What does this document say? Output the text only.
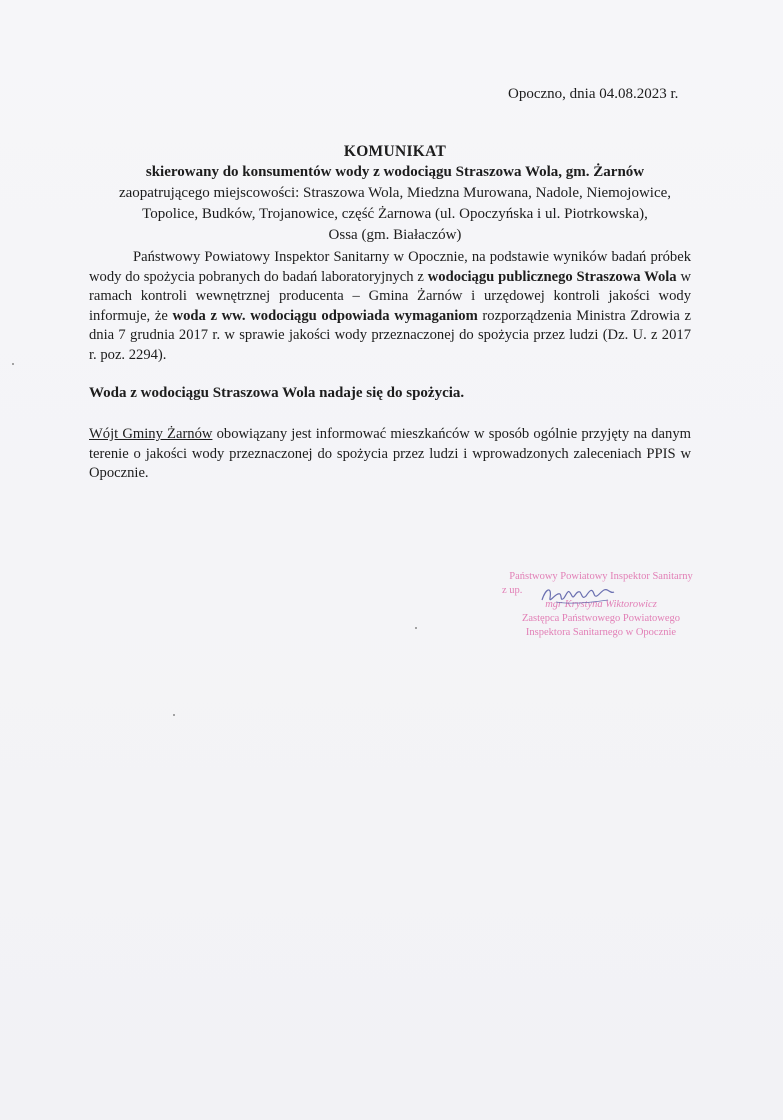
Opoczno, dnia 04.08.2023 r.
KOMUNIKAT
skierowany do konsumentów wody z wodociągu Straszowa Wola, gm. Żarnów
zaopatrującego miejscowości: Straszowa Wola, Miedzna Murowana, Nadole, Niemojowice,
Topolice, Budków, Trojanowice, część Żarnowa (ul. Opoczyńska i ul. Piotrkowska),
Ossa (gm. Białaczów)
Państwowy Powiatowy Inspektor Sanitarny w Opocznie, na podstawie wyników badań próbek wody do spożycia pobranych do badań laboratoryjnych z wodociągu publicznego Straszowa Wola w ramach kontroli wewnętrznej producenta – Gmina Żarnów i urzędowej kontroli jakości wody informuje, że woda z ww. wodociągu odpowiada wymaganiom rozporządzenia Ministra Zdrowia z dnia 7 grudnia 2017 r. w sprawie jakości wody przeznaczonej do spożycia przez ludzi (Dz. U. z 2017 r. poz. 2294).
Woda z wodociągu Straszowa Wola nadaje się do spożycia.
Wójt Gminy Żarnów obowiązany jest informować mieszkańców w sposób ogólnie przyjęty na danym terenie o jakości wody przeznaczonej do spożycia przez ludzi i wprowadzonych zaleceniach PPIS w Opocznie.
Państwowy Powiatowy Inspektor Sanitarny
z up.
mgr Krystyna Wiktorowicz
Zastępca Państwowego Powiatowego
Inspektora Sanitarnego w Opocznie
